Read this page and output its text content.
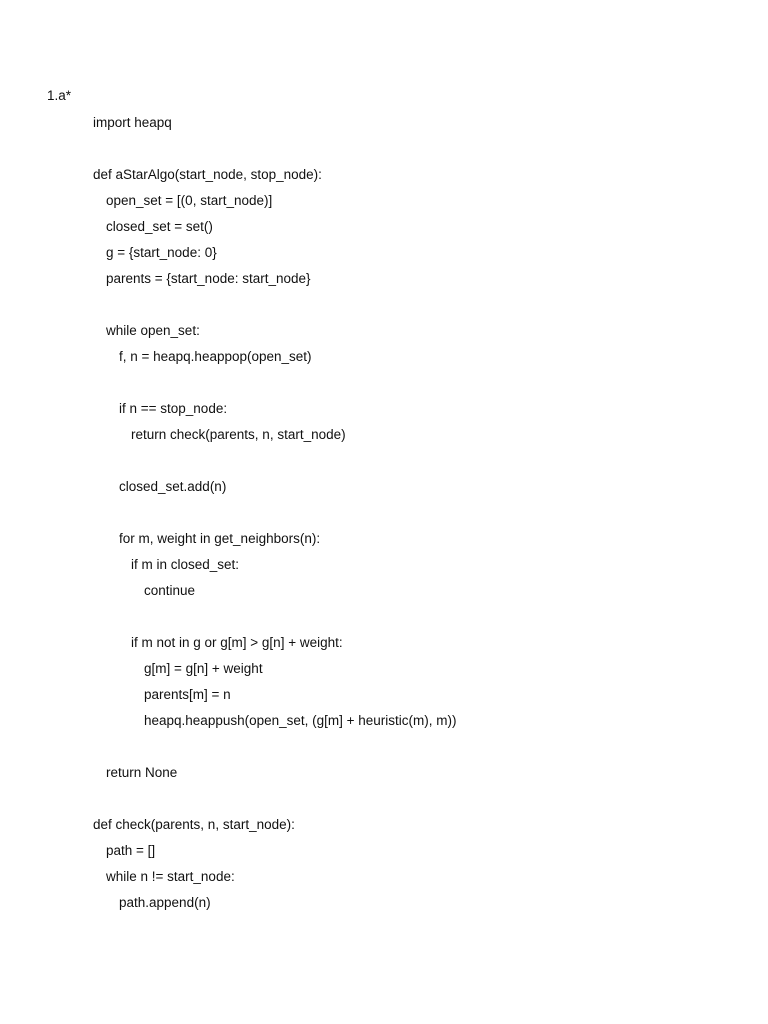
1.a*
import heapq
def aStarAlgo(start_node, stop_node):
open_set = [(0, start_node)]
closed_set = set()
g = {start_node: 0}
parents = {start_node: start_node}
while open_set:
f, n = heapq.heappop(open_set)
if n == stop_node:
return check(parents, n, start_node)
closed_set.add(n)
for m, weight in get_neighbors(n):
if m in closed_set:
continue
if m not in g or g[m] > g[n] + weight:
g[m] = g[n] + weight
parents[m] = n
heapq.heappush(open_set, (g[m] + heuristic(m), m))
return None
def check(parents, n, start_node):
path = []
while n != start_node:
path.append(n)
